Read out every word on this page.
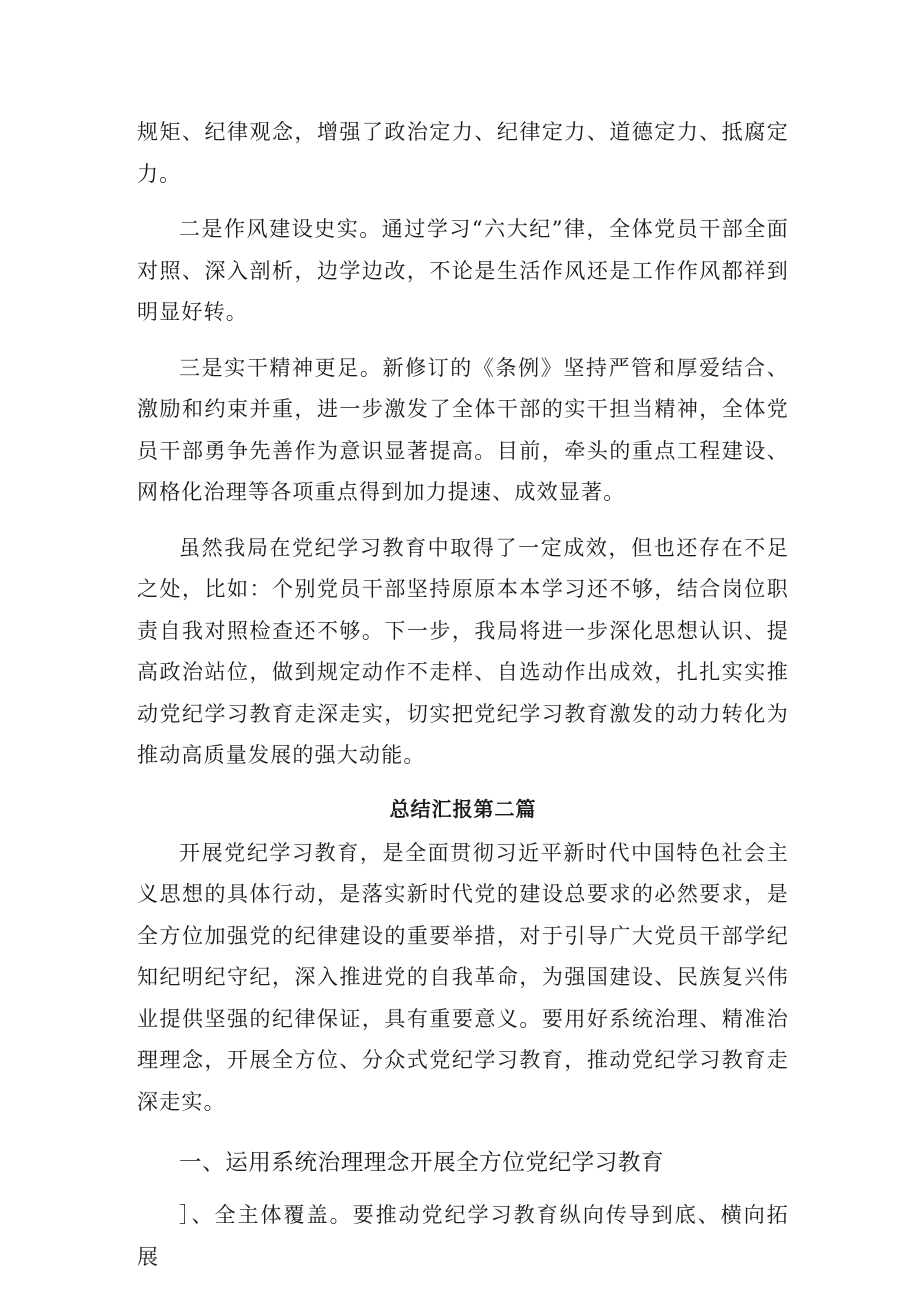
规矩、纪律观念，增强了政治定力、纪律定力、道德定力、抵腐定力。

二是作风建设史实。通过学习“六大纪”律，全体党员干部全面对照、深入剖析，边学边改，不论是生活作风还是工作作风都祥到明显好转。

三是实干精神更足。新修订的《条例》坚持严管和厚爱结合、激励和约束并重，进一步激发了全体干部的实干担当精神，全体党员干部勇争先善作为意识显著提高。目前，牵头的重点工程建设、网格化治理等各项重点得到加力提速、成效显著。

虽然我局在党纪学习教育中取得了一定成效，但也还存在不足之处，比如：个别党员干部坚持原原本本学习还不够，结合岗位职责自我对照检查还不够。下一步，我局将进一步深化思想认识、提高政治站位，做到规定动作不走样、自选动作出成效，扎扎实实推动党纪学习教育走深走实，切实把党纪学习教育激发的动力转化为推动高质量发展的强大动能。

总结汇报第二篇

开展党纪学习教育，是全面贯彻习近平新时代中国特色社会主义思想的具体行动，是落实新时代党的建设总要求的必然要求，是全方位加强党的纪律建设的重要举措，对于引导广大党员干部学纪知纪明纪守纪，深入推进党的自我革命，为强国建设、民族复兴伟业提供坚强的纪律保证，具有重要意义。要用好系统治理、精准治理理念，开展全方位、分众式党纪学习教育，推动党纪学习教育走深走实。

一、运用系统治理理念开展全方位党纪学习教育

］、全主体覆盖。要推动党纪学习教育纵向传导到底、横向拓展
